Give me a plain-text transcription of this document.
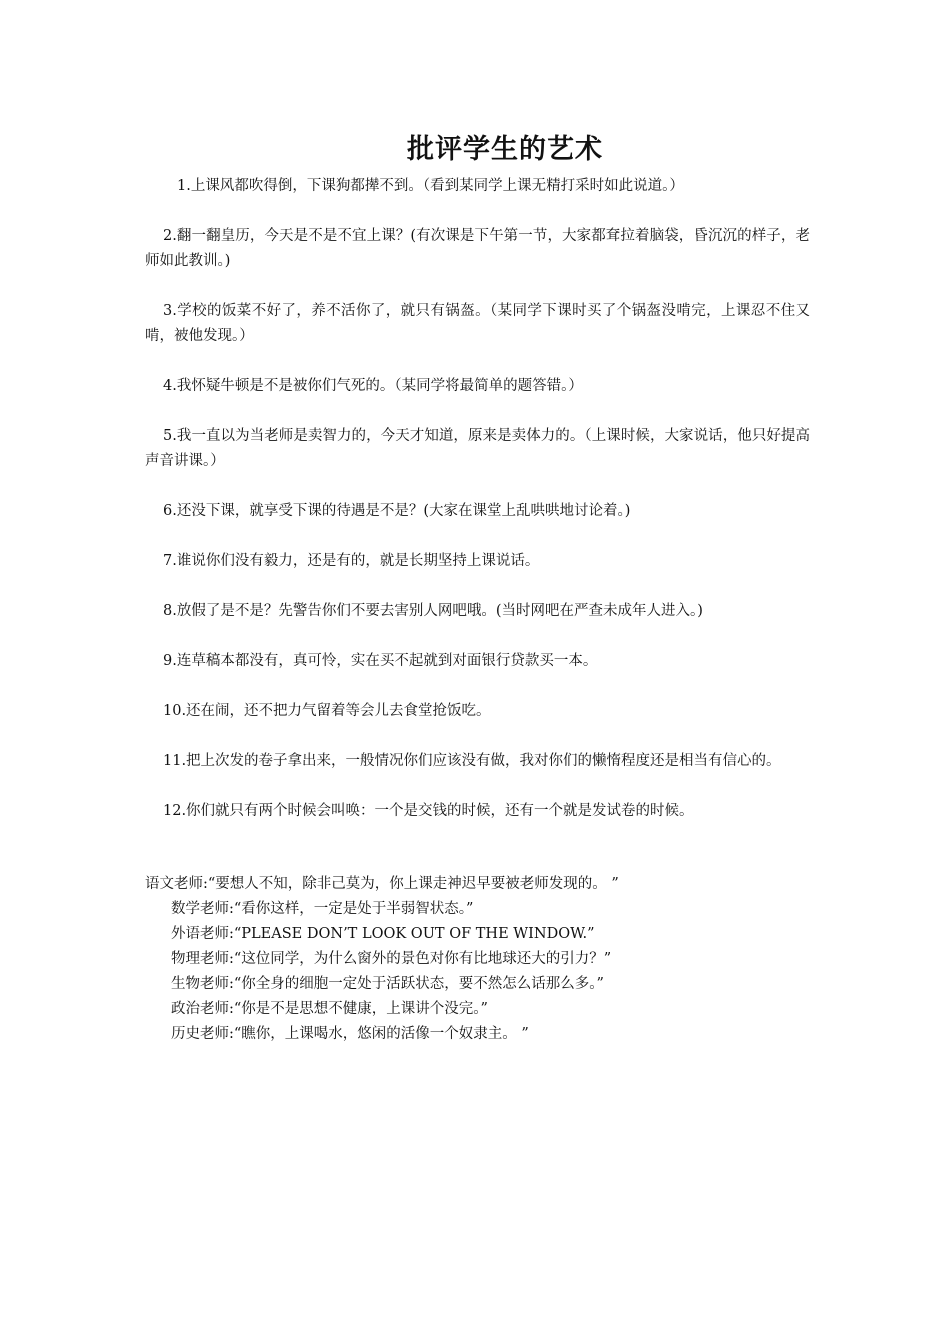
批评学生的艺术

1.上课风都吹得倒，下课狗都撵不到。（看到某同学上课无精打采时如此说道。）

2.翻一翻皇历，今天是不是不宜上课？(有次课是下午第一节，大家都耷拉着脑袋，昏沉沉的样子，老师如此教训。)

3.学校的饭菜不好了，养不活你了，就只有锅盔。（某同学下课时买了个锅盔没啃完，上课忍不住又啃，被他发现。）

4.我怀疑牛顿是不是被你们气死的。（某同学将最简单的题答错。）

5.我一直以为当老师是卖智力的，今天才知道，原来是卖体力的。（上课时候，大家说话，他只好提高声音讲课。）

6.还没下课，就享受下课的待遇是不是？(大家在课堂上乱哄哄地讨论着。)

7.谁说你们没有毅力，还是有的，就是长期坚持上课说话。

8.放假了是不是？先警告你们不要去害别人网吧哦。(当时网吧在严查未成年人进入。)

9.连草稿本都没有，真可怜，实在买不起就到对面银行贷款买一本。

10.还在闹，还不把力气留着等会儿去食堂抢饭吃。

11.把上次发的卷子拿出来，一般情况你们应该没有做，我对你们的懒惰程度还是相当有信心的。

12.你们就只有两个时候会叫唤：一个是交钱的时候，还有一个就是发试卷的时候。

语文老师:“要想人不知，除非己莫为，你上课走神迟早要被老师发现的。 ”

数学老师:“看你这样，一定是处于半弱智状态。”

外语老师:“PLEASE DON’T LOOK OUT OF THE WINDOW.”

物理老师:“这位同学，为什么窗外的景色对你有比地球还大的引力？”

生物老师:“你全身的细胞一定处于活跃状态，要不然怎么话那么多。”

政治老师:“你是不是思想不健康，上课讲个没完。”

历史老师:“瞧你，上课喝水，悠闲的活像一个奴隶主。 ”
